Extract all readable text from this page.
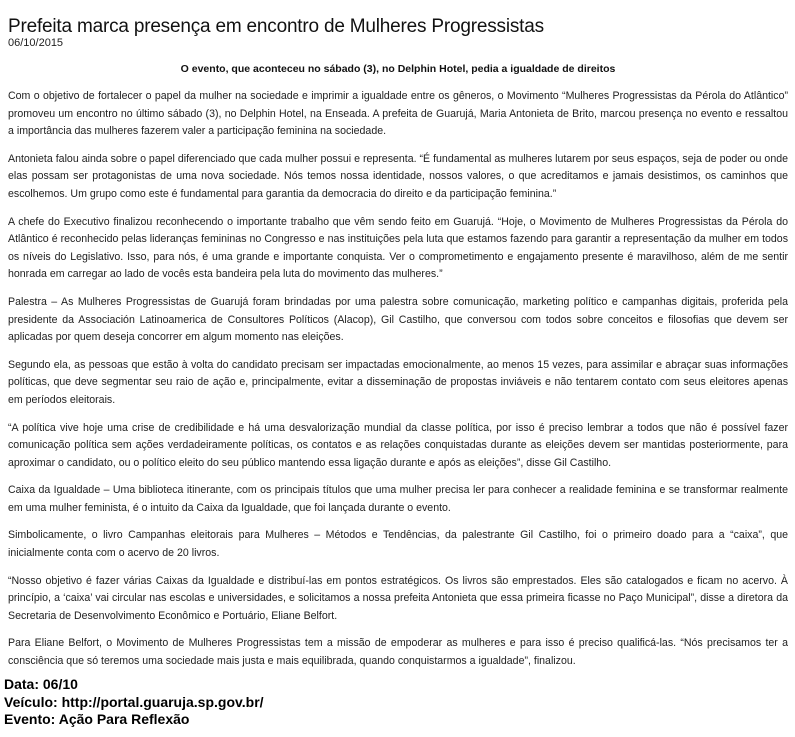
Prefeita marca presença em encontro de Mulheres Progressistas
06/10/2015
O evento, que aconteceu no sábado (3), no Delphin Hotel, pedia a igualdade de direitos

Com o objetivo de fortalecer o papel da mulher na sociedade e imprimir a igualdade entre os gêneros, o Movimento “Mulheres Progressistas da Pérola do Atlântico” promoveu um encontro no último sábado (3), no Delphin Hotel, na Enseada. A prefeita de Guarujá, Maria Antonieta de Brito, marcou presença no evento e ressaltou a importância das mulheres fazerem valer a participação feminina na sociedade.

Antonieta falou ainda sobre o papel diferenciado que cada mulher possui e representa. “É fundamental as mulheres lutarem por seus espaços, seja de poder ou onde elas possam ser protagonistas de uma nova sociedade. Nós temos nossa identidade, nossos valores, o que acreditamos e jamais desistimos, os caminhos que escolhemos. Um grupo como este é fundamental para garantia da democracia do direito e da participação feminina.”

A chefe do Executivo finalizou reconhecendo o importante trabalho que vêm sendo feito em Guarujá. “Hoje, o Movimento de Mulheres Progressistas da Pérola do Atlântico é reconhecido pelas lideranças femininas no Congresso e nas instituições pela luta que estamos fazendo para garantir a representação da mulher em todos os níveis do Legislativo. Isso, para nós, é uma grande e importante conquista. Ver o comprometimento e engajamento presente é maravilhoso, além de me sentir honrada em carregar ao lado de vocês esta bandeira pela luta do movimento das mulheres.”

Palestra – As Mulheres Progressistas de Guarujá foram brindadas por uma palestra sobre comunicação, marketing político e campanhas digitais, proferida pela presidente da Associación Latinoamerica de Consultores Políticos (Alacop), Gil Castilho, que conversou com todos sobre conceitos e filosofias que devem ser aplicadas por quem deseja concorrer em algum momento nas eleições.

Segundo ela, as pessoas que estão à volta do candidato precisam ser impactadas emocionalmente, ao menos 15 vezes, para assimilar e abraçar suas informações políticas, que deve segmentar seu raio de ação e, principalmente, evitar a disseminação de propostas inviáveis e não tentarem contato com seus eleitores apenas em períodos eleitorais.

“A política vive hoje uma crise de credibilidade e há uma desvalorização mundial da classe política, por isso é preciso lembrar a todos que não é possível fazer comunicação política sem ações verdadeiramente políticas, os contatos e as relações conquistadas durante as eleições devem ser mantidas posteriormente, para aproximar o candidato, ou o político eleito do seu público mantendo essa ligação durante e após as eleições”, disse Gil Castilho.

Caixa da Igualdade – Uma biblioteca itinerante, com os principais títulos que uma mulher precisa ler para conhecer a realidade feminina e se transformar realmente em uma mulher feminista, é o intuito da Caixa da Igualdade, que foi lançada durante o evento.

Simbolicamente, o livro Campanhas eleitorais para Mulheres – Métodos e Tendências, da palestrante Gil Castilho, foi o primeiro doado para a “caixa”, que inicialmente conta com o acervo de 20 livros.

“Nosso objetivo é fazer várias Caixas da Igualdade e distribuí-las em pontos estratégicos. Os livros são emprestados. Eles são catalogados e ficam no acervo. À princípio, a ‘caixa’ vai circular nas escolas e universidades, e solicitamos a nossa prefeita Antonieta que essa primeira ficasse no Paço Municipal”, disse a diretora da Secretaria de Desenvolvimento Econômico e Portuário, Eliane Belfort.

Para Eliane Belfort, o Movimento de Mulheres Progressistas tem a missão de empoderar as mulheres e para isso é preciso qualificá-las. “Nós precisamos ter a consciência que só teremos uma sociedade mais justa e mais equilibrada, quando conquistarmos a igualdade”, finalizou.

Data: 06/10
Veículo: http://portal.guaruja.sp.gov.br/
Evento: Ação Para Reflexão
